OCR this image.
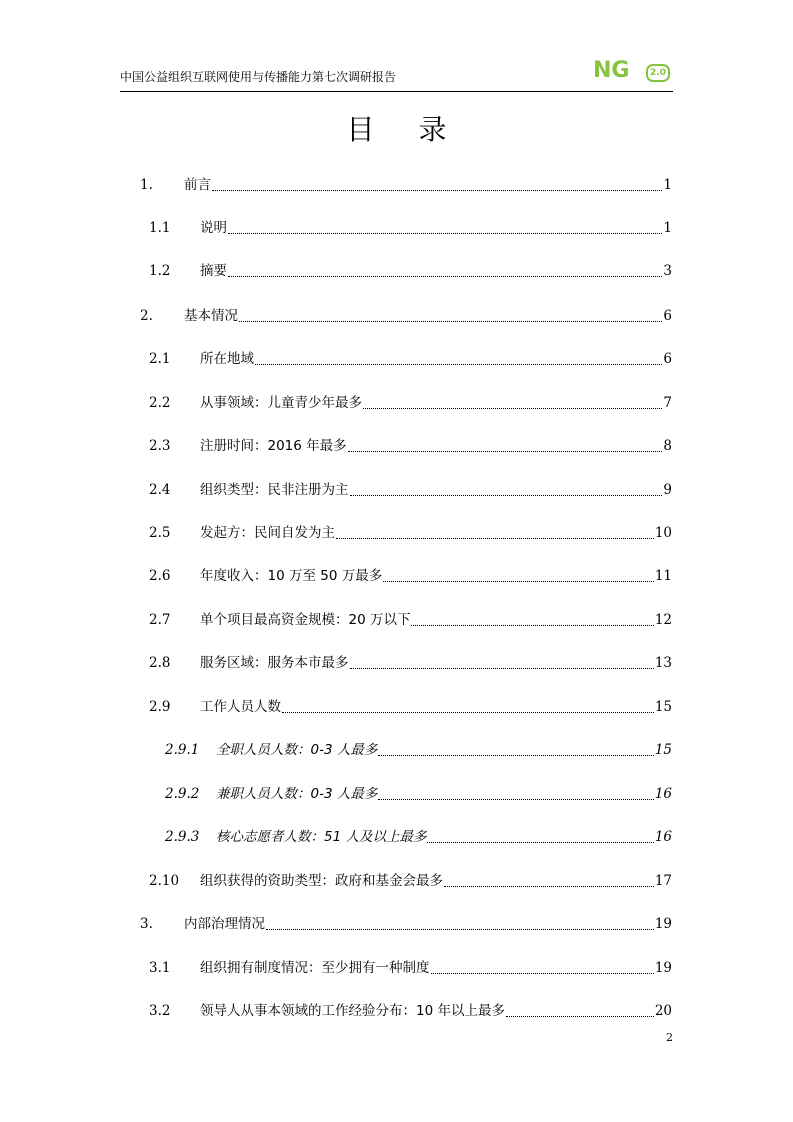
中国公益组织互联网使用与传播能力第七次调研报告	NG	2.0
目 录
1. 前言	1
1.1 说明	1
1.2 摘要	3
2. 基本情况	6
2.1 所在地域	6
2.2 从事领域：儿童青少年最多	7
2.3 注册时间：2016 年最多	8
2.4 组织类型：民非注册为主	9
2.5 发起方：民间自发为主	10
2.6 年度收入：10 万至 50 万最多	11
2.7 单个项目最高资金规模：20 万以下	12
2.8 服务区域：服务本市最多	13
2.9 工作人员人数	15
2.9.1 全职人员人数：0-3 人最多	15
2.9.2 兼职人员人数：0-3 人最多	16
2.9.3 核心志愿者人数：51 人及以上最多	16
2.10 组织获得的资助类型：政府和基金会最多	17
3. 内部治理情况	19
3.1 组织拥有制度情况：至少拥有一种制度	19
3.2 领导人从事本领域的工作经验分布：10 年以上最多	20
2
